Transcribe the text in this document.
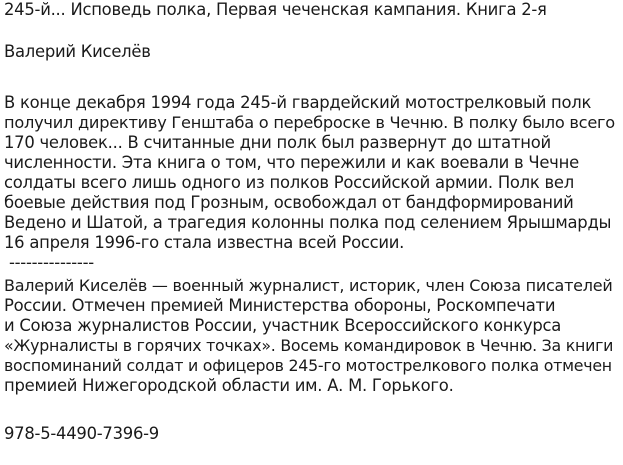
245-й... Исповедь полка, Первая чеченская кампания. Книга 2-я
Валерий Киселёв
В конце декабря 1994 года 245-й гвардейский мотострелковый полк
получил директиву Генштаба о переброске в Чечню. В полку было всего
170 человек... В считанные дни полк был развернут до штатной
численности. Эта книга о том, что пережили и как воевали в Чечне
солдаты всего лишь одного из полков Российской армии. Полк вел
боевые действия под Грозным, освобождал от бандформирований
Ведено и Шатой, а трагедия колонны полка под селением Ярышмарды
16 апреля 1996-го стала известна всей России.
---------------
Валерий Киселёв — военный журналист, историк, член Союза писателей
России. Отмечен премией Министерства обороны, Роскомпечати
и Союза журналистов России, участник Всероссийского конкурса
«Журналисты в горячих точках». Восемь командировок в Чечню. За книги
воспоминаний солдат и офицеров 245-го мотострелкового полка отмечен
премией Нижегородской области им. А. М. Горького.
978-5-4490-7396-9
